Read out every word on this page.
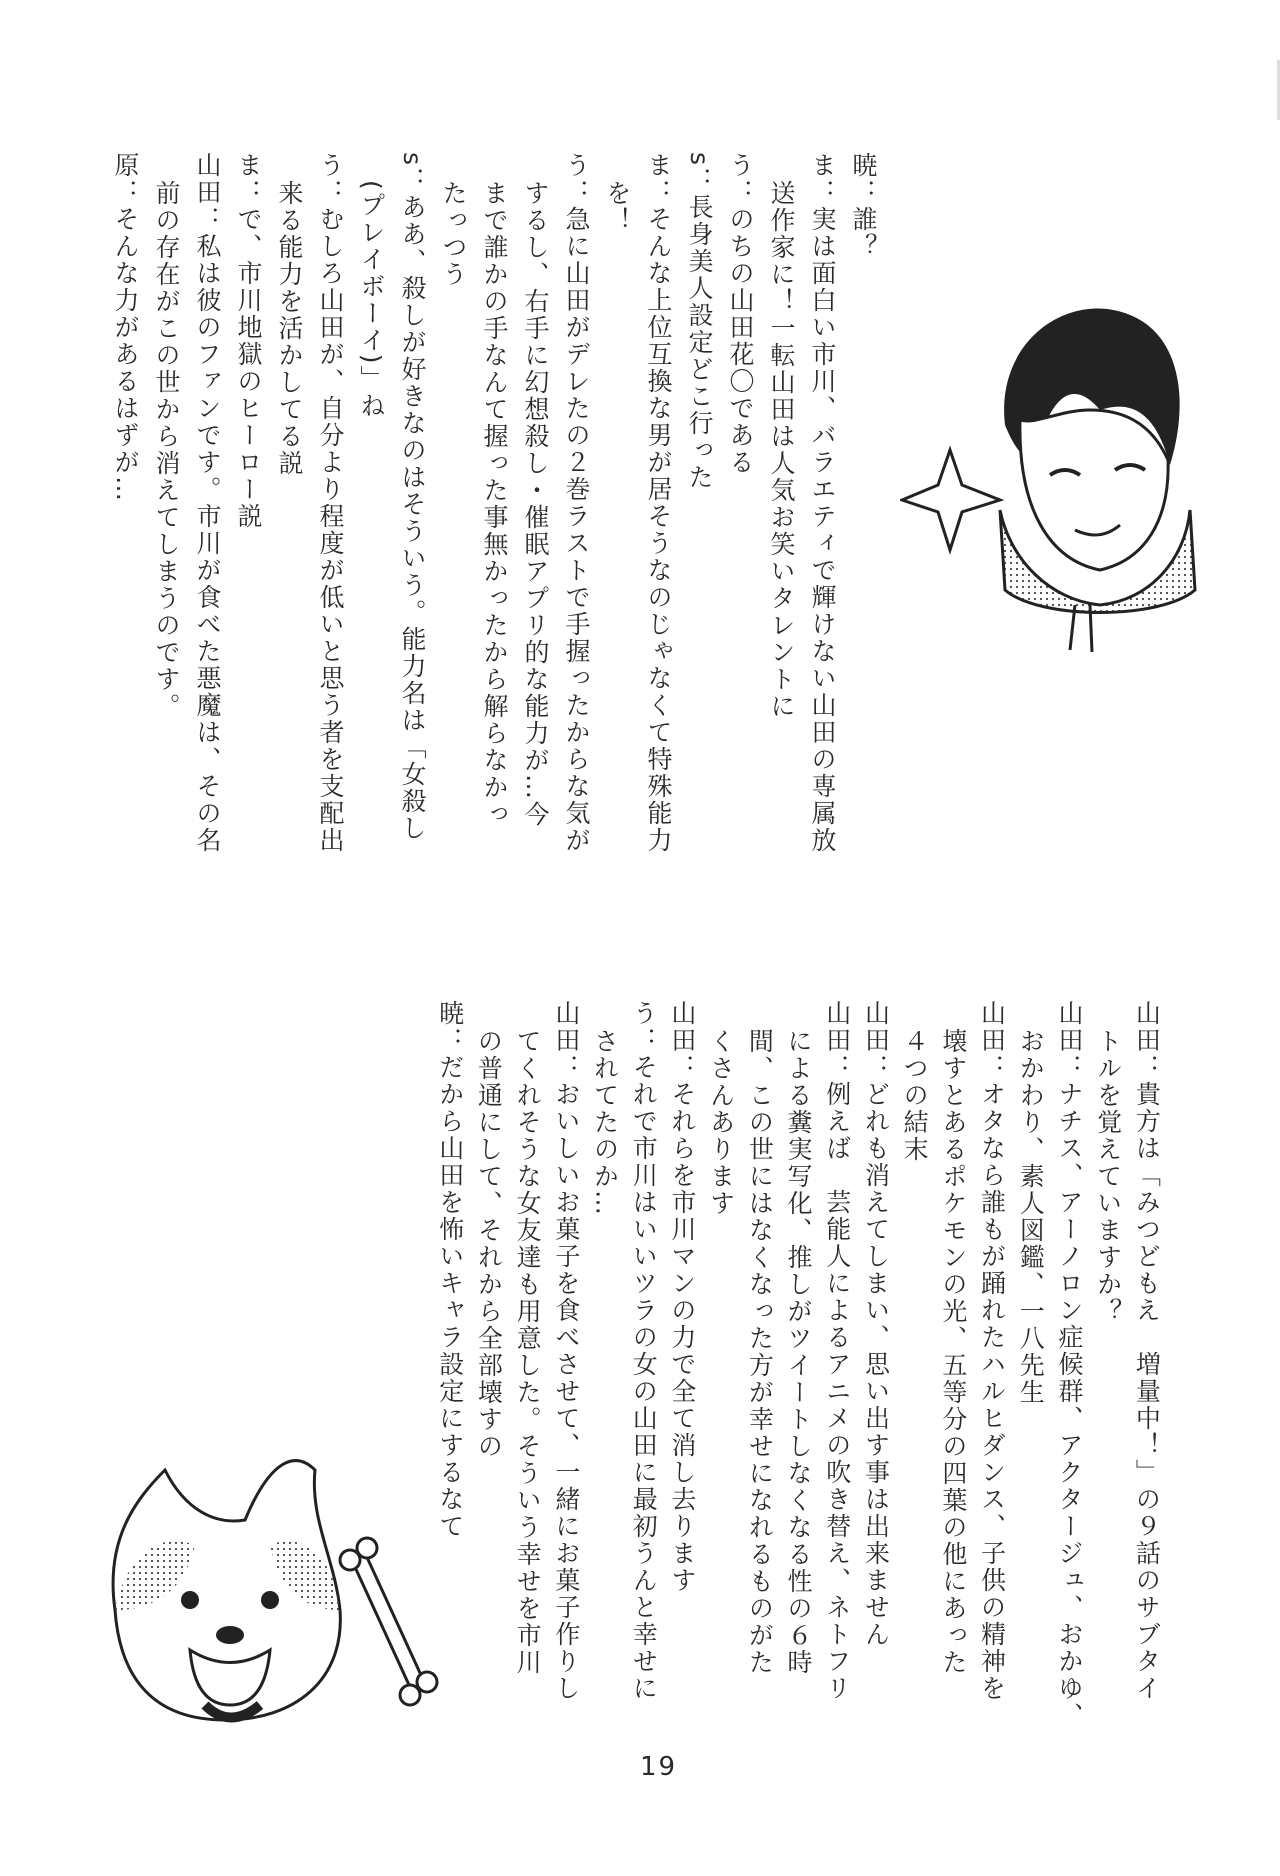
暁：誰？
ま：実は面白い市川、バラエティで輝けない山田の専属放
送作家に！一転山田は人気お笑いタレントに
う：のちの山田花〇である
s：長身美人設定どこ行った
ま：そんな上位互換な男が居そうなのじゃなくて特殊能力
を！
う：急に山田がデレたの２巻ラストで手握ったからな気が
するし、右手に幻想殺し・催眠アプリ的な能力が…今
まで誰かの手なんて握った事無かったから解らなかっ
たっつう
s：ああ、殺しが好きなのはそういう。能力名は「女殺し
(プレイボーイ)」ね
う：むしろ山田が、自分より程度が低いと思う者を支配出
来る能力を活かしてる説
ま：で、市川地獄のヒーロー説
山田：私は彼のファンです。市川が食べた悪魔は、その名
前の存在がこの世から消えてしまうのです。
原：そんな力があるはずが…
山田：貴方は「みつどもえ　増量中！」の９話のサブタイ
トルを覚えていますか？
山田：ナチス、アーノロン症候群、アクタージュ、おかゆ、
おかわり、素人図鑑、一八先生
山田：オタなら誰もが踊れたハルヒダンス、子供の精神を
壊すとあるポケモンの光、五等分の四葉の他にあった
４つの結末
山田：どれも消えてしまい、思い出す事は出来ません
山田：例えば　芸能人によるアニメの吹き替え、ネトフリ
による糞実写化、推しがツイートしなくなる性の６時
間、この世にはなくなった方が幸せになれるものがた
くさんあります
山田：それらを市川マンの力で全て消し去ります
う：それで市川はいいツラの女の山田に最初うんと幸せに
されてたのか…
山田：おいしいお菓子を食べさせて、一緒にお菓子作りし
てくれそうな女友達も用意した。そういう幸せを市川
の普通にして、それから全部壊すの
暁：だから山田を怖いキャラ設定にするなて
19
